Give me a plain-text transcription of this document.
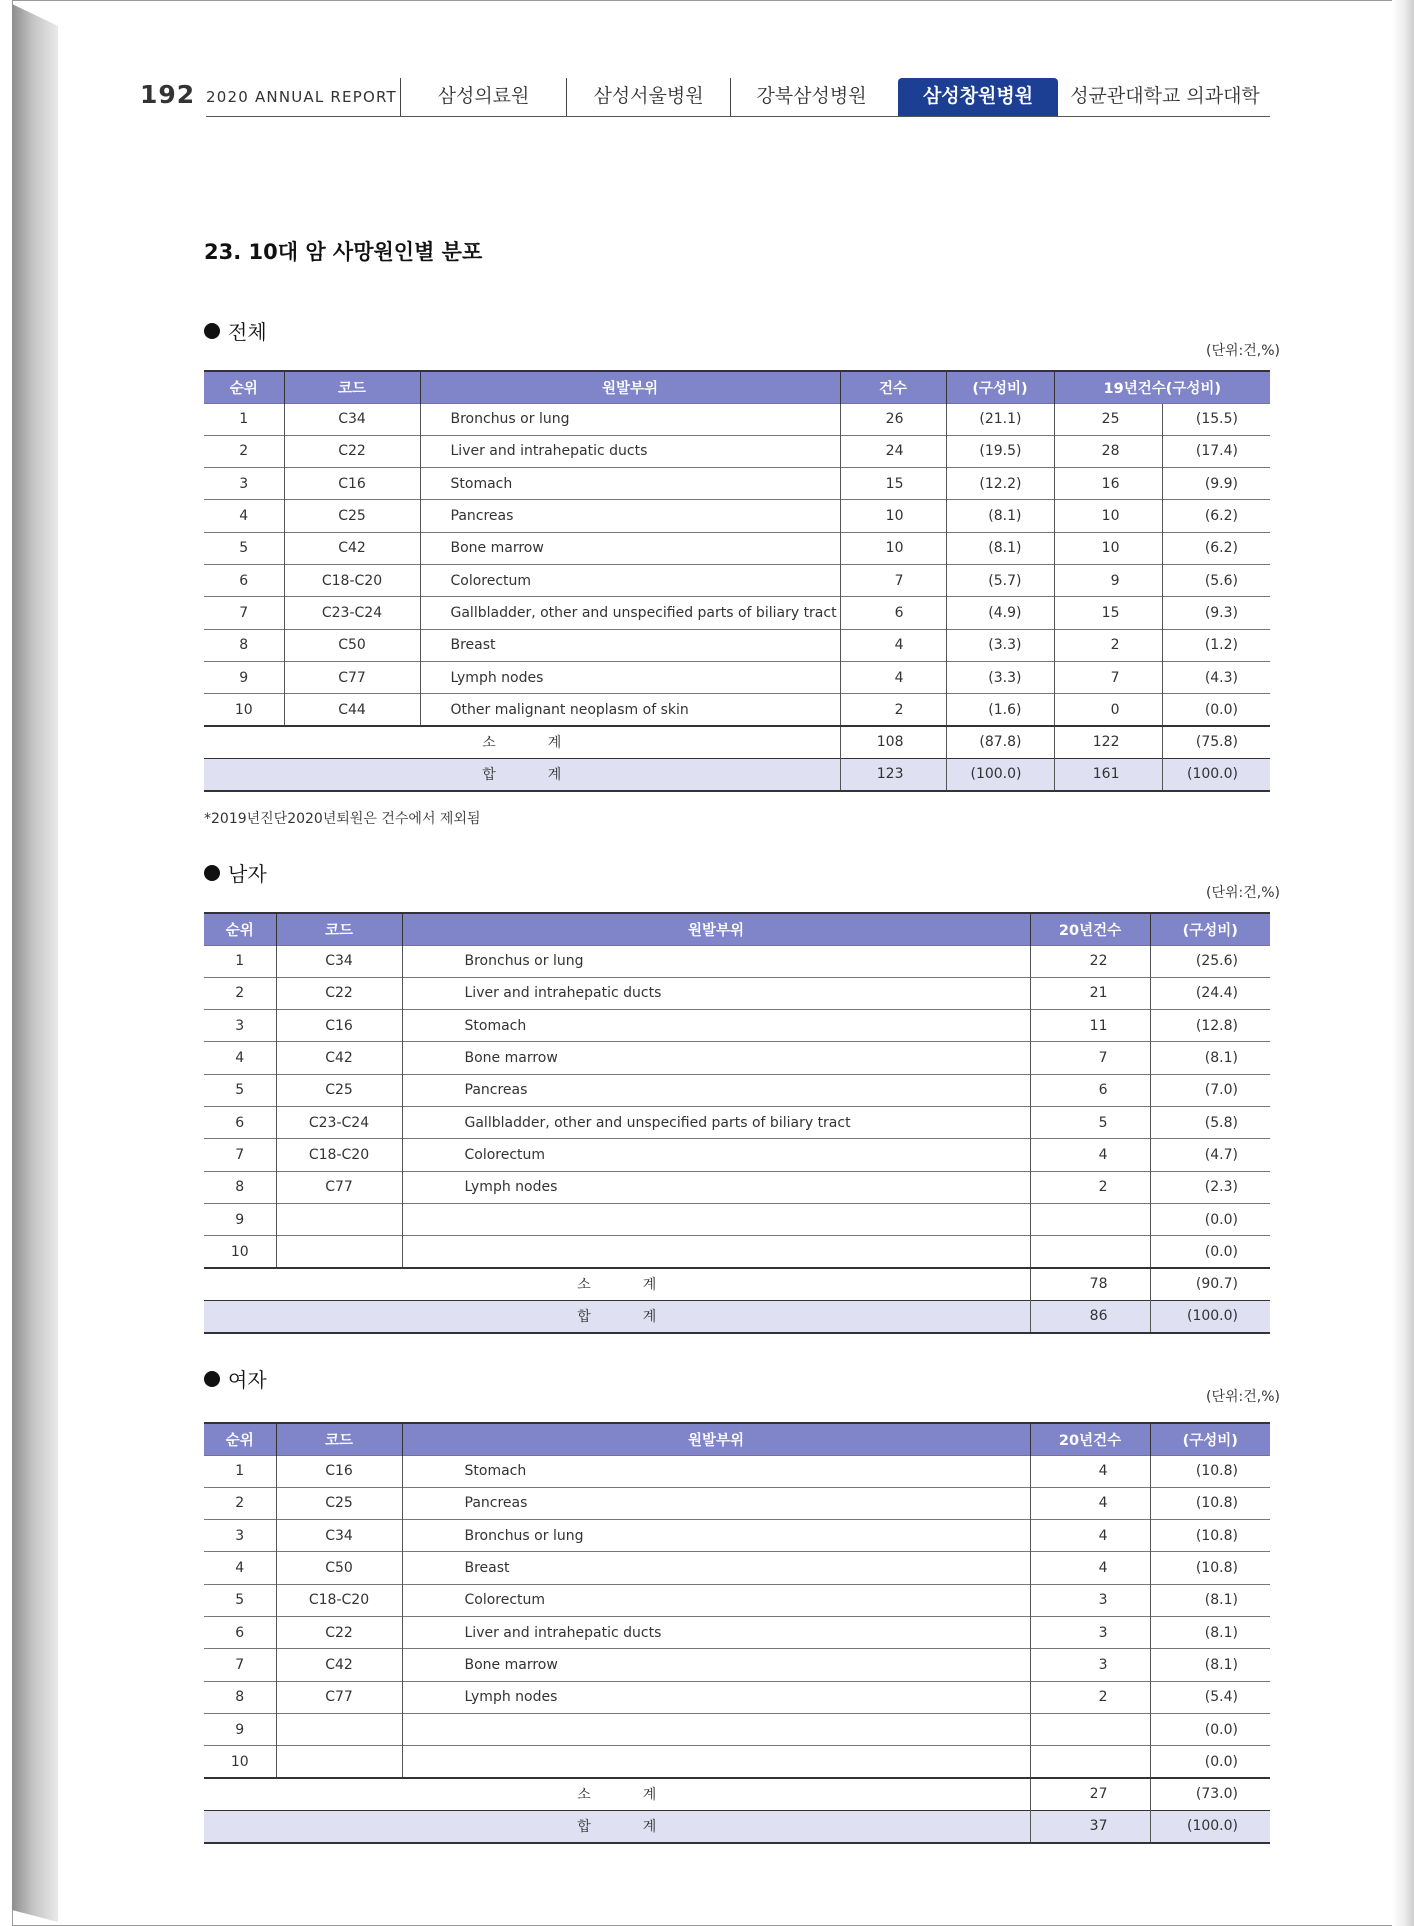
192 2020 ANNUAL REPORT	삼성의료원	삼성서울병원	강북삼성병원	삼성창원병원	성균관대학교 의과대학
23. 10대 암 사망원인별 분포
전체
(단위:건,%)
순위	코드	원발부위	건수	(구성비)	19년건수(구성비)	
1	C34	Bronchus or lung	26	(21.1)	25	(15.5)
2	C22	Liver and intrahepatic ducts	24	(19.5)	28	(17.4)
3	C16	Stomach	15	(12.2)	16	(9.9)
4	C25	Pancreas	10	(8.1)	10	(6.2)
5	C42	Bone marrow	10	(8.1)	10	(6.2)
6	C18-C20	Colorectum	7	(5.7)	9	(5.6)
7	C23-C24	Gallbladder, other and unspecified parts of biliary tract	6	(4.9)	15	(9.3)
8	C50	Breast	4	(3.3)	2	(1.2)
9	C77	Lymph nodes	4	(3.3)	7	(4.3)
10	C44	Other malignant neoplasm of skin	2	(1.6)	0	(0.0)
소 계			108	(87.8)	122	(75.8)
합 계			123	(100.0)	161	(100.0)
*2019년진단2020년퇴원은 건수에서 제외됨
남자
(단위:건,%)
순위	코드	원발부위	20년건수	(구성비)
1	C34	Bronchus or lung	22	(25.6)
2	C22	Liver and intrahepatic ducts	21	(24.4)
3	C16	Stomach	11	(12.8)
4	C42	Bone marrow	7	(8.1)
5	C25	Pancreas	6	(7.0)
6	C23-C24	Gallbladder, other and unspecified parts of biliary tract	5	(5.8)
7	C18-C20	Colorectum	4	(4.7)
8	C77	Lymph nodes	2	(2.3)
9				(0.0)
10				(0.0)
소 계			78	(90.7)
합 계			86	(100.0)
여자
(단위:건,%)
순위	코드	원발부위	20년건수	(구성비)
1	C16	Stomach	4	(10.8)
2	C25	Pancreas	4	(10.8)
3	C34	Bronchus or lung	4	(10.8)
4	C50	Breast	4	(10.8)
5	C18-C20	Colorectum	3	(8.1)
6	C22	Liver and intrahepatic ducts	3	(8.1)
7	C42	Bone marrow	3	(8.1)
8	C77	Lymph nodes	2	(5.4)
9				(0.0)
10				(0.0)
소 계			27	(73.0)
합 계			37	(100.0)
